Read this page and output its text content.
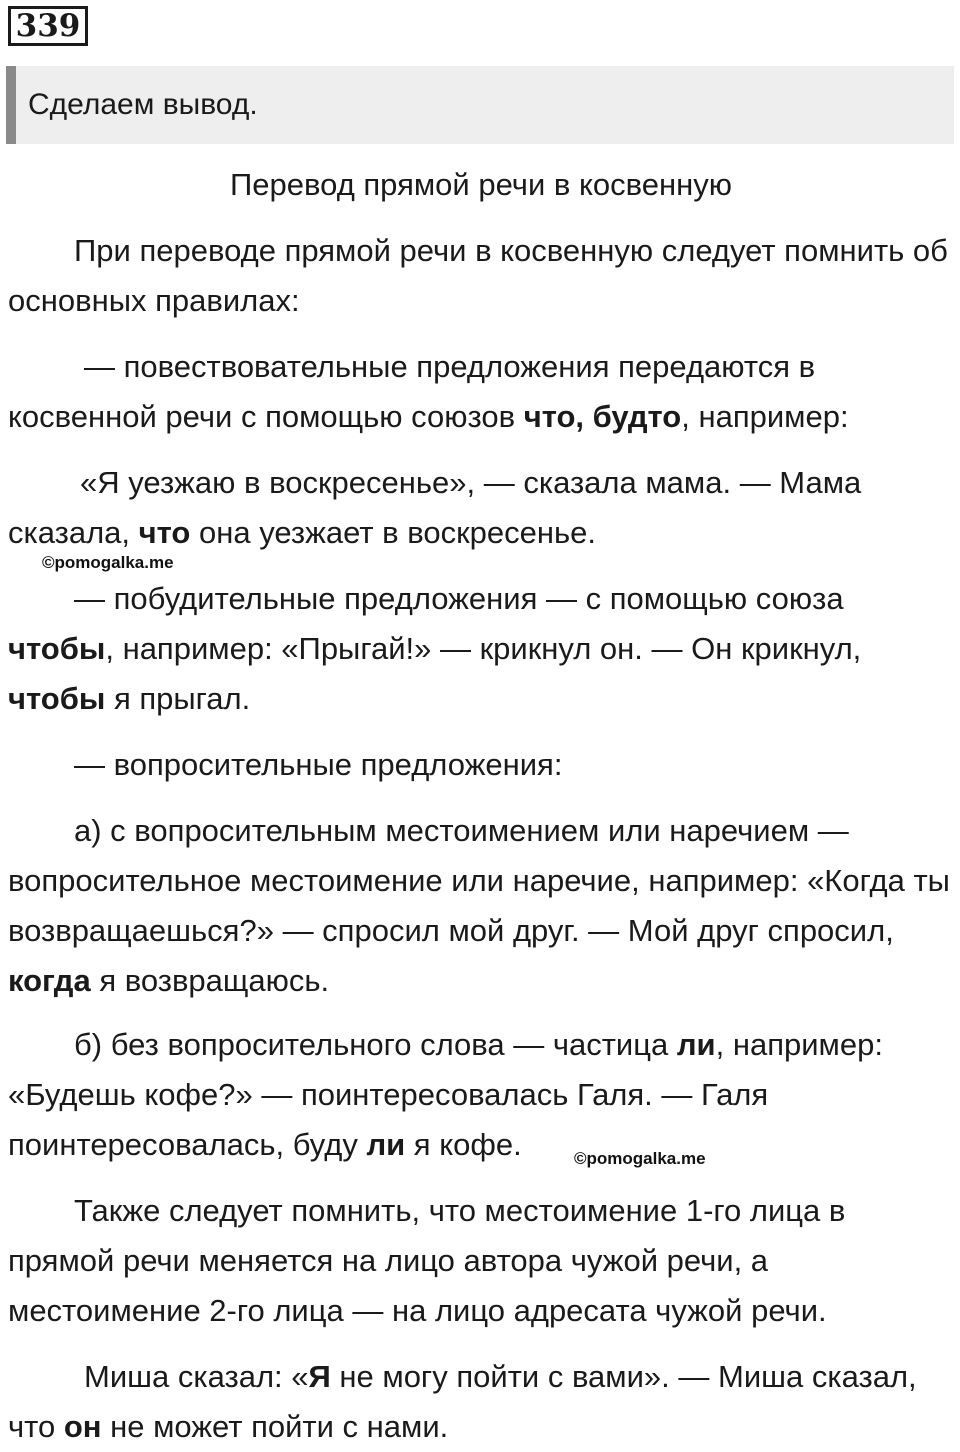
339
Сделаем вывод.

Перевод прямой речи в косвенную

При переводе прямой речи в косвенную следует помнить об основных правилах:

— повествовательные предложения передаются в косвенной речи с помощью союзов что, будто, например:

«Я уезжаю в воскресенье», — сказала мама. — Мама сказала, что она уезжает в воскресенье.

— побудительные предложения — с помощью союза чтобы, например: «Прыгай!» — крикнул он. — Он крикнул, чтобы я прыгал.

— вопросительные предложения:

а) с вопросительным местоимением или наречием — вопросительное местоимение или наречие, например: «Когда ты возвращаешься?» — спросил мой друг. — Мой друг спросил, когда я возвращаюсь.

б) без вопросительного слова — частица ли, например: «Будешь кофе?» — поинтересовалась Галя. — Галя поинтересовалась, буду ли я кофе.

Также следует помнить, что местоимение 1-го лица в прямой речи меняется на лицо автора чужой речи, а местоимение 2-го лица — на лицо адресата чужой речи.

Миша сказал: «Я не могу пойти с вами». — Миша сказал, что он не может пойти с нами.

©pomogalka.me
©pomogalka.me
